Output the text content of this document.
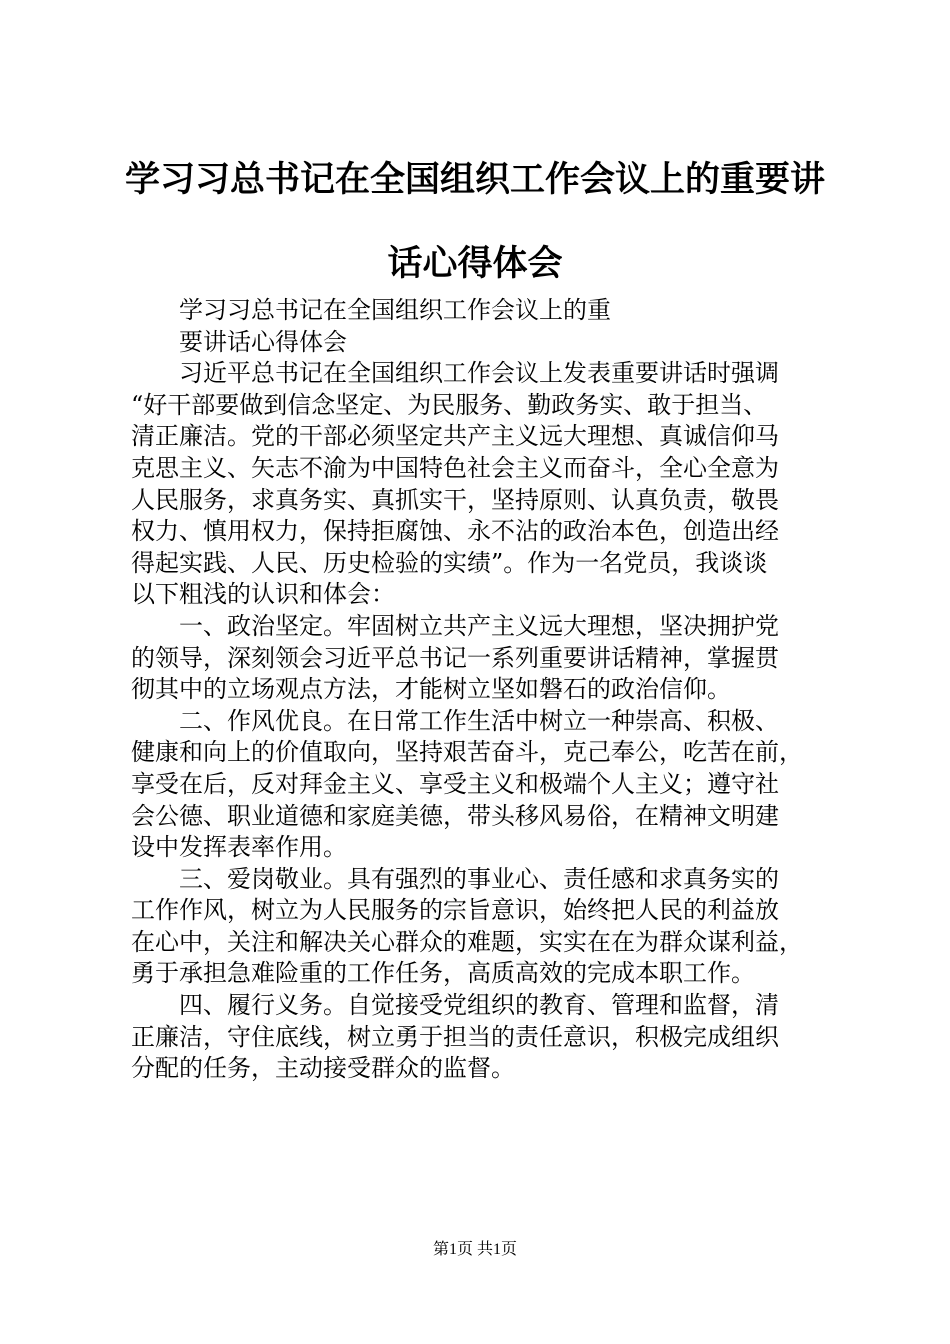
学习习总书记在全国组织工作会议上的重要讲
话心得体会
学习习总书记在全国组织工作会议上的重
要讲话心得体会
习近平总书记在全国组织工作会议上发表重要讲话时强调
“好干部要做到信念坚定、为民服务、勤政务实、敢于担当、
清正廉洁。党的干部必须坚定共产主义远大理想、真诚信仰马
克思主义、矢志不渝为中国特色社会主义而奋斗，全心全意为
人民服务，求真务实、真抓实干，坚持原则、认真负责，敬畏
权力、慎用权力，保持拒腐蚀、永不沾的政治本色，创造出经
得起实践、人民、历史检验的实绩”。作为一名党员，我谈谈
以下粗浅的认识和体会：
一、政治坚定。牢固树立共产主义远大理想，坚决拥护党
的领导，深刻领会习近平总书记一系列重要讲话精神，掌握贯
彻其中的立场观点方法，才能树立坚如磐石的政治信仰。
二、作风优良。在日常工作生活中树立一种崇高、积极、
健康和向上的价值取向，坚持艰苦奋斗，克己奉公，吃苦在前，
享受在后，反对拜金主义、享受主义和极端个人主义；遵守社
会公德、职业道德和家庭美德，带头移风易俗，在精神文明建
设中发挥表率作用。
三、爱岗敬业。具有强烈的事业心、责任感和求真务实的
工作作风，树立为人民服务的宗旨意识，始终把人民的利益放
在心中，关注和解决关心群众的难题，实实在在为群众谋利益，
勇于承担急难险重的工作任务，高质高效的完成本职工作。
四、履行义务。自觉接受党组织的教育、管理和监督，清
正廉洁，守住底线，树立勇于担当的责任意识，积极完成组织
分配的任务，主动接受群众的监督。
第1页 共1页
